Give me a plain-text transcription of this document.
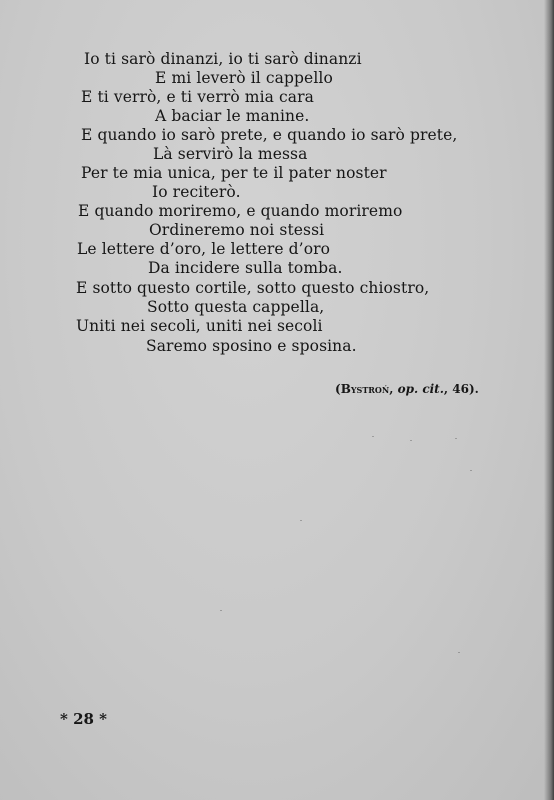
Io ti sarò dinanzi, io ti sarò dinanzi
E mi leverò il cappello
E ti verrò, e ti verrò mia cara
A baciar le manine.
E quando io sarò prete, e quando io sarò prete,
Là servirò la messa
Per te mia unica, per te il pater noster
Io reciterò.
E quando moriremo, e quando moriremo
Ordineremo noi stessi
Le lettere d’oro, le lettere d’oro
Da incidere sulla tomba.
E sotto questo cortile, sotto questo chiostro,
Sotto questa cappella,
Uniti nei secoli, uniti nei secoli
Saremo sposino e sposina.
(Bystroń, op. cit., 46).
* 28 *
